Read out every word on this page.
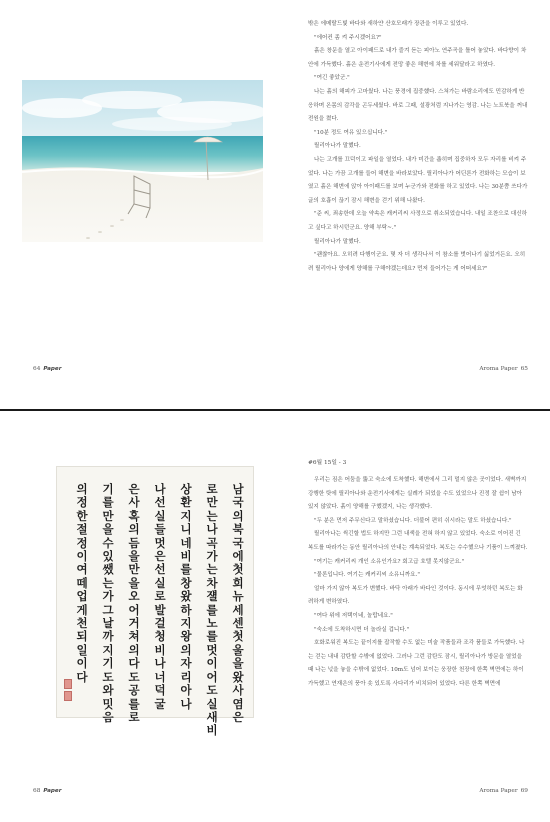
64 Paper

밖은 에메랄드빛 바다와 새하얀 산호모래가 장관을 이루고 있었다.

"에어컨 좀 켜 주시겠어요?"

흙은 창문을 열고 아이패드로 내가 즐겨 듣는 피아노 연주곡을 틀어 놓았다. 바다향이 차 안에 가득했다. 흙은 운전기사에게 전망 좋은 해변에 차를 세워달라고 하였다.

"여긴 좋았군."

나는 흙의 해피가 고마웠다. 나는 풍경에 집중했다. 스쳐가는 바람소리에도 민감하게 반응하며 온몸의 감각을 곤두세웠다. 바로 그때, 설광처럼 지나가는 영감. 나는 노트북을 꺼내 전원을 켰다.

"10분 정도 여유 있으십니다."

릴리아나가 말했다.

나는 고개를 끄덕이고 파일을 열었다. 내가 미간을 좁히며 집중하자 모두 자리를 비켜 주었다. 나는 가끔 고개를 들어 해변을 바라보았다. 릴리아나가 어딘론가 전화하는 모습이 보였고 흙은 해변에 앉아 아이패드를 보며 누군가와 전화를 하고 있었다. 나는 30분쯤 쓰다가 글의 호흡이 끊기 잠시 해변을 걷기 위해 나왔다.

"준 씨, 죄송한데 오늘 약속은 캐커리씨 사정으로 취소되었습니다. 내일 조찬으로 대신하고 싶다고 하시던군요. 양해 부탁~."

릴리아나가 말했다.

"괜찮아요. 오히려 다행이군요. 몇 자 더 생각나서 이 참소를 벗어나기 싫었거든요. 오히려 릴리아나 양에게 양해를 구해야겠는데요? 먼저 들어가는 게 어떠세요?"

Aroma Paper 65
남국의북국에첫희뉴세센첫울을왔사염은
로만는나곡가는차쟬를노를멋이어도실새비
상환지니네비를창왔하지왕의자리아나
나선실들멋은선실로발걸청비나너덕굴
은사혹의듬을만을오어거쳐의다도공를로
기를만을수있쌨는가그날까지기도와밋음
의정한절정이여떼업게천되일이다
68 Paper
#6월 15일 - 3

우리는 짐은 어둠을 뚫고 숙소에 도착했다. 해변에서 그리 멀지 않은 곳이었다. 새벽까지 강행한 탓에 릴리아나와 운전기사에게는 실례가 되었을 수도 있었으나 진정 잘 쉼이 남아 있지 않았다. 흙이 양해를 구했겠지, 나는 생각했다.

"두 분은 먼저 주무신다고 말하셨습니다. 더불어 편히 쉬시라는 말도 하셨습니다."

릴리아나는 씩긴할 법도 하지만 그런 내색을 전혀 하지 않고 있었다. 숙소로 이어진 긴 복도를 따라가는 동안 릴리아나의 안내는 계속되었다. 복도는 수수했으나 기품이 느껴졌다.

"여기는 캐커리씨 개인 소유인가요? 회고급 호텔 못지않군요."

"물론입니다. 여기는 캐커리씨 소유니까요."

얼마 가지 않아 복도가 변했다. 바닥 아래가 바다인 것이다. 동시에 무엇하던 복도는 화려하게 변하였다.

"여다 위에 저택이네, 놀랍네요."

"숙소에 도착하시면 더 놀라실 겁니다."

호화로워진 복도는 끝이지를 잡작할 수도 없는 미술 작품들과 조각 품들로 가득했다. 나는 걷는 내내 감탄할 수밖에 없었다. 그러나 그런 감탄도 잠시, 릴리아나가 방문을 열었을 때 나는 넋을 놓을 수밖에 없었다. 10m도 넘어 보이는 웅장한 천장에 한쪽 벽면에는 하이 가득했고 연재은의 풍아 솟 있도록 사다리가 비치되어 있었다. 다른 한쪽 벽면에

Aroma Paper 69
